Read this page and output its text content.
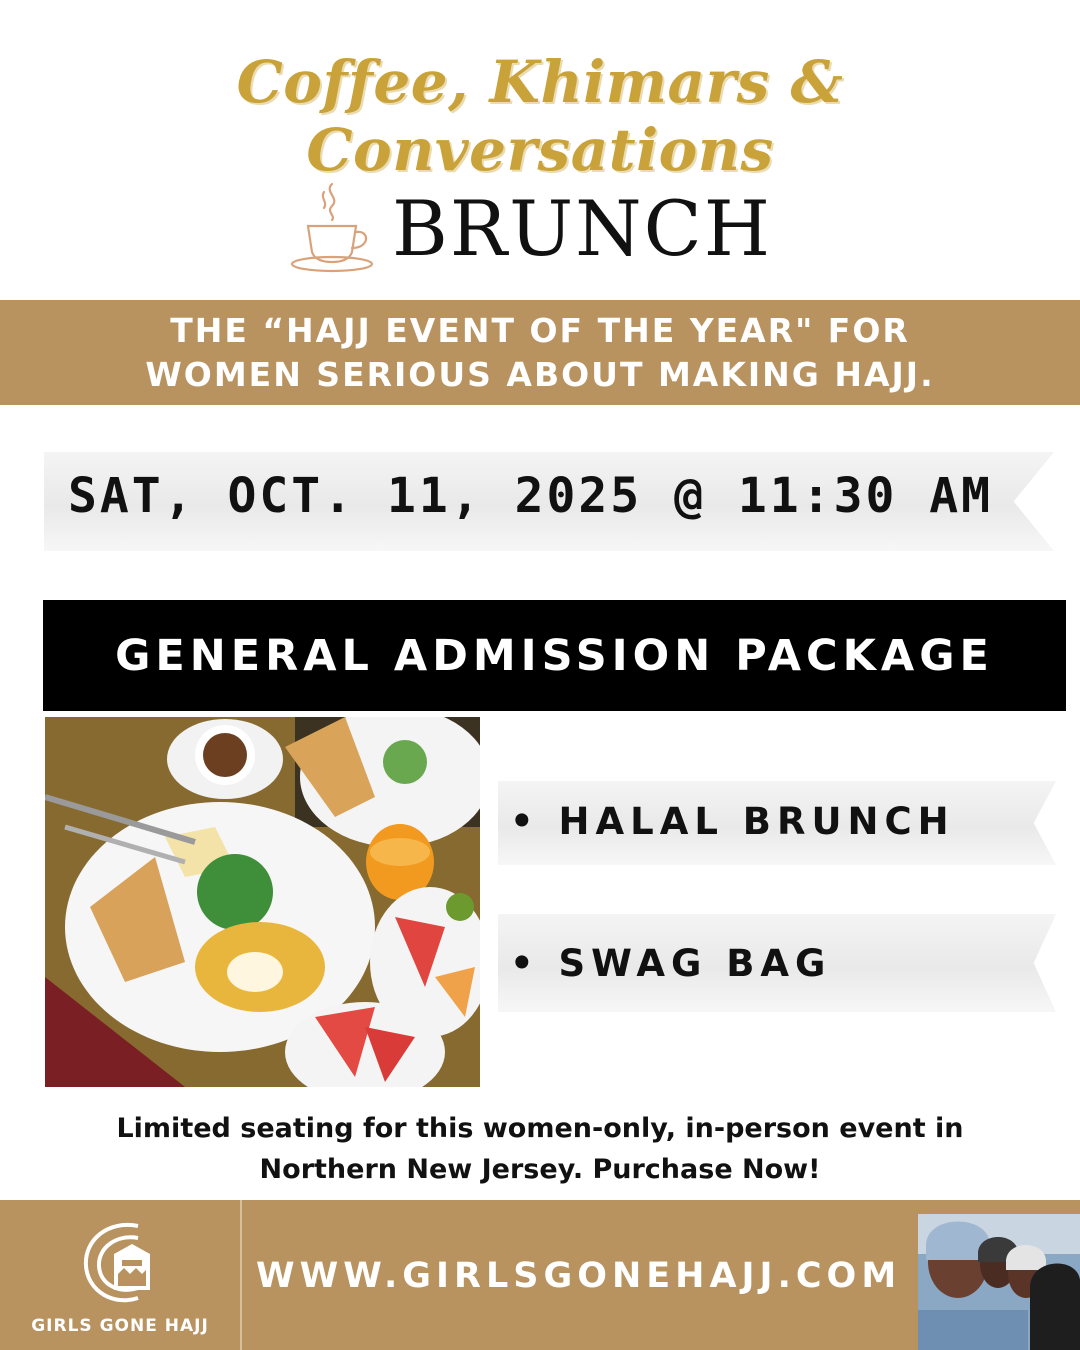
Coffee, Khimars & Conversations
BRUNCH
THE “HAJJ EVENT OF THE YEAR" FOR
WOMEN SERIOUS ABOUT MAKING HAJJ.
SAT, OCT. 11, 2025 @ 11:30 AM
GENERAL ADMISSION PACKAGE
• HALAL BRUNCH
• SWAG BAG
Limited seating for this women-only, in-person event in
Northern New Jersey. Purchase Now!
GIRLS GONE HAJJ
WWW.GIRLSGONEHAJJ.COM
